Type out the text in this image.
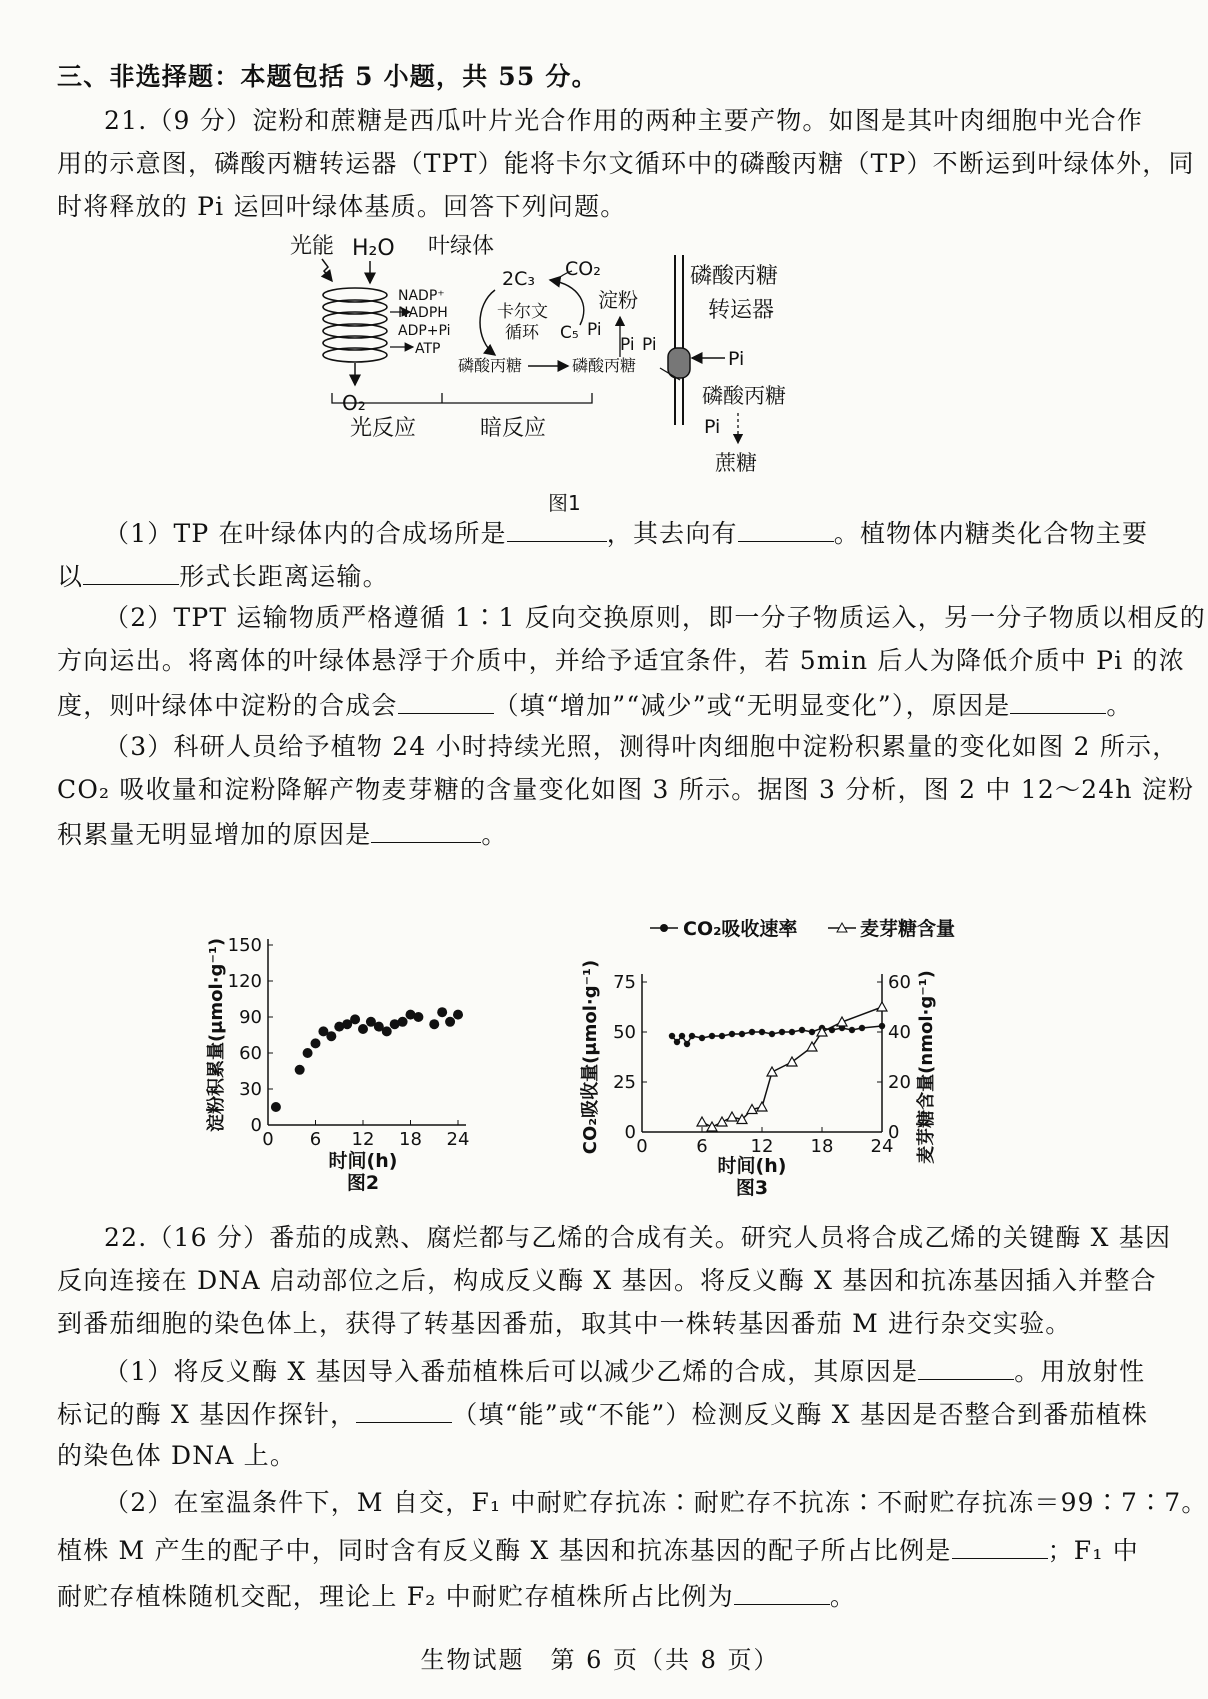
三、非选择题：本题包括 5 小题，共 55 分。
21.（9 分）淀粉和蔗糖是西瓜叶片光合作用的两种主要产物。如图是其叶肉细胞中光合作
用的示意图，磷酸丙糖转运器（TPT）能将卡尔文循环中的磷酸丙糖（TP）不断运到叶绿体外，同
时将释放的 Pi 运回叶绿体基质。回答下列问题。
光能 H₂O 叶绿体
O₂
NADP⁺
NADPH
ADP+Pi
ATP
2C₃ CO₂
卡尔文
循环 C₅ Pi
淀粉
Pi
磷酸丙糖	磷酸丙糖
磷酸丙糖
转运器
Pi
Pi
磷酸丙糖
Pi
蔗糖
光反应	暗反应
图1
（1）TP 在叶绿体内的合成场所是	，其去向有	。植物体内糖类化合物主要
以	形式长距离运输。
（2）TPT 运输物质严格遵循 1∶1 反向交换原则，即一分子物质运入，另一分子物质以相反的
方向运出。将离体的叶绿体悬浮于介质中，并给予适宜条件，若 5min 后人为降低介质中 Pi 的浓
度，则叶绿体中淀粉的合成会	（填“增加”“减少”或“无明显变化”），原因是	。
（3）科研人员给予植物 24 小时持续光照，测得叶肉细胞中淀粉积累量的变化如图 2 所示，
CO₂ 吸收量和淀粉降解产物麦芽糖的含量变化如图 3 所示。据图 3 分析，图 2 中 12～24h 淀粉
积累量无明显增加的原因是	。
0
30
60
90
120
150
0 6 12 18 24
时间(h)
图2
淀粉积累量(μmol·g⁻¹)
CO₂吸收速率	麦芽糖含量
0
25
50
75
0
20
40
60
0	6 12 18 24
时间(h)
图3
CO₂吸收量(μmol·g⁻¹)	麦芽糖含量(nmol·g⁻¹)
22.（16 分）番茄的成熟、腐烂都与乙烯的合成有关。研究人员将合成乙烯的关键酶 X 基因
反向连接在 DNA 启动部位之后，构成反义酶 X 基因。将反义酶 X 基因和抗冻基因插入并整合
到番茄细胞的染色体上，获得了转基因番茄，取其中一株转基因番茄 M 进行杂交实验。
（1）将反义酶 X 基因导入番茄植株后可以减少乙烯的合成，其原因是	。用放射性
标记的酶 X 基因作探针，	（填“能”或“不能”）检测反义酶 X 基因是否整合到番茄植株
的染色体 DNA 上。
（2）在室温条件下，M 自交，F₁ 中耐贮存抗冻∶耐贮存不抗冻∶不耐贮存抗冻＝99∶7∶7。
植株 M 产生的配子中，同时含有反义酶 X 基因和抗冻基因的配子所占比例是	；F₁ 中
耐贮存植株随机交配，理论上 F₂ 中耐贮存植株所占比例为	。
生物试题　第 6 页（共 8 页）
